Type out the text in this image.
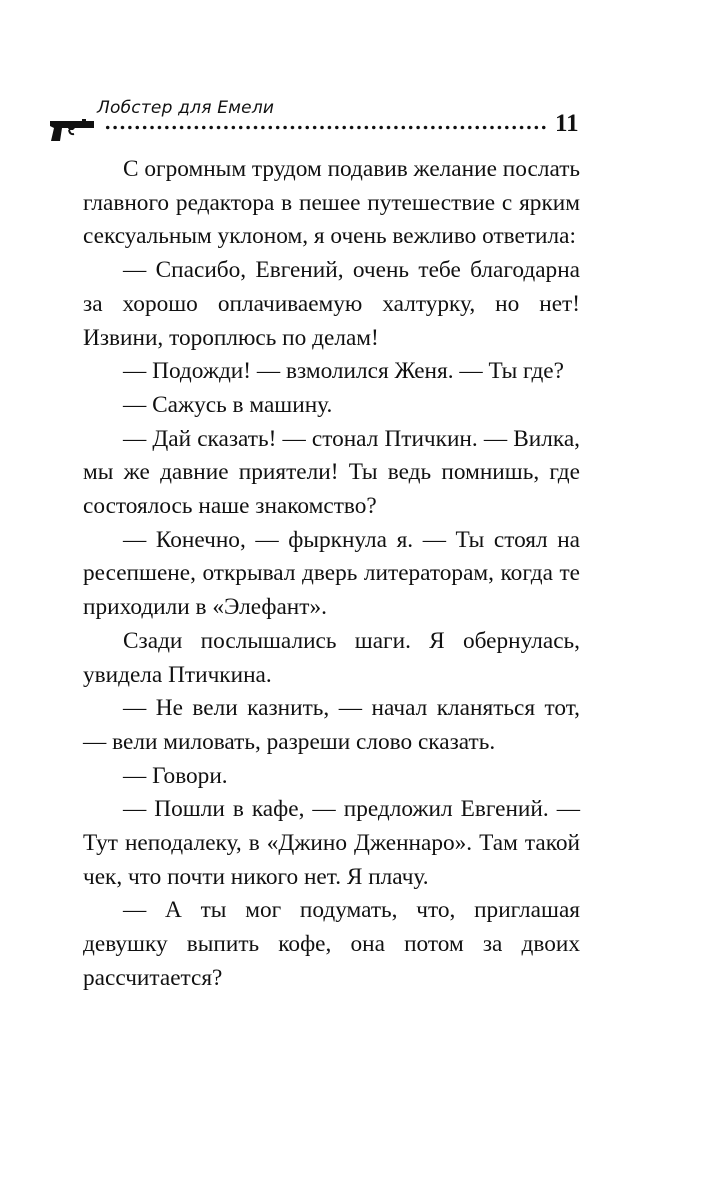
Лобстер для Емели
11

С огромным трудом подавив желание послать главного редактора в пешее путешествие с ярким сексуальным уклоном, я очень вежливо ответила:

— Спасибо, Евгений, очень тебе благодарна за хорошо оплачиваемую халтурку, но нет! Извини, тороплюсь по делам!

— Подожди! — взмолился Женя. — Ты где?

— Сажусь в машину.

— Дай сказать! — стонал Птичкин. — Вилка, мы же давние приятели! Ты ведь помнишь, где состоялось наше знакомство?

— Конечно, — фыркнула я. — Ты стоял на ресепшене, открывал дверь литераторам, когда те приходили в «Элефант».

Сзади послышались шаги. Я обернулась, увидела Птичкина.

— Не вели казнить, — начал кланяться тот, — вели миловать, разреши слово сказать.

— Говори.

— Пошли в кафе, — предложил Евгений. — Тут неподалеку, в «Джино Дженнаро». Там такой чек, что почти никого нет. Я плачу.

— А ты мог подумать, что, приглашая девушку выпить кофе, она потом за двоих рассчитается?
